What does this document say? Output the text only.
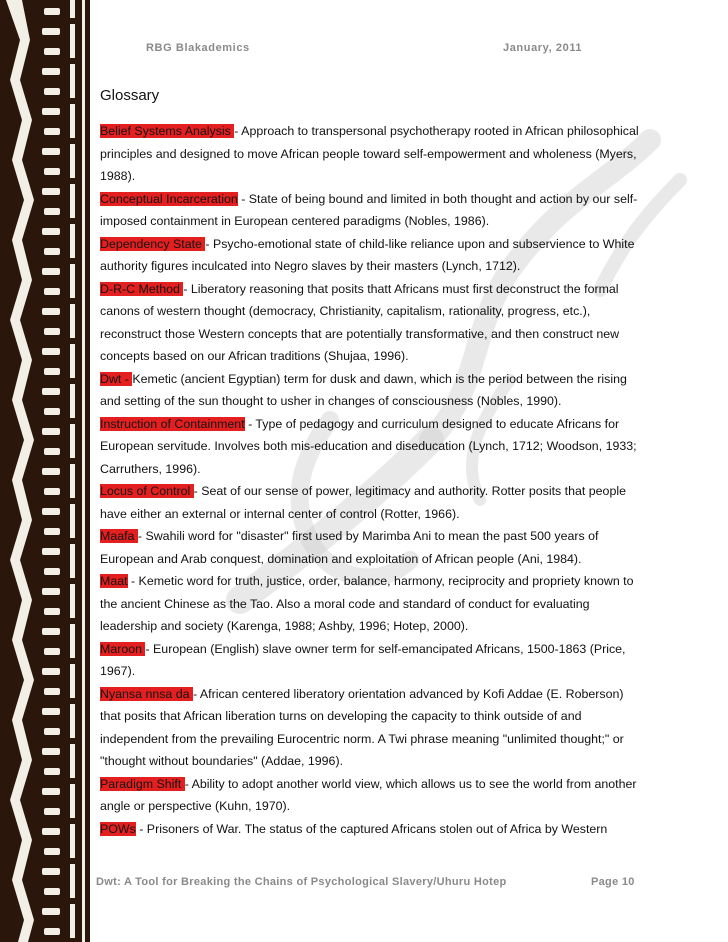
RBG Blakademics	January, 2011
Glossary

Belief Systems Analysis - Approach to transpersonal psychotherapy rooted in African philosophical principles and designed to move African people toward self-empowerment and wholeness (Myers, 1988).

Conceptual Incarceration - State of being bound and limited in both thought and action by our self-imposed containment in European centered paradigms (Nobles, 1986).

Dependency State - Psycho-emotional state of child-like reliance upon and subservience to White authority figures inculcated into Negro slaves by their masters (Lynch, 1712).

D-R-C Method - Liberatory reasoning that posits thatt Africans must first deconstruct the formal canons of western thought (democracy, Christianity, capitalism, rationality, progress, etc.), reconstruct those Western concepts that are potentially transformative, and then construct new concepts based on our African traditions (Shujaa, 1996).

Dwt - Kemetic (ancient Egyptian) term for dusk and dawn, which is the period between the rising and setting of the sun thought to usher in changes of consciousness (Nobles, 1990).

Instruction of Containment - Type of pedagogy and curriculum designed to educate Africans for European servitude. Involves both mis-education and diseducation (Lynch, 1712; Woodson, 1933; Carruthers, 1996).

Locus of Control - Seat of our sense of power, legitimacy and authority. Rotter posits that people have either an external or internal center of control (Rotter, 1966).

Maafa - Swahili word for "disaster" first used by Marimba Ani to mean the past 500 years of European and Arab conquest, domination and exploitation of African people (Ani, 1984).

Maat - Kemetic word for truth, justice, order, balance, harmony, reciprocity and propriety known to the ancient Chinese as the Tao. Also a moral code and standard of conduct for evaluating leadership and society (Karenga, 1988; Ashby, 1996; Hotep, 2000).

Maroon - European (English) slave owner term for self-emancipated Africans, 1500-1863 (Price, 1967).

Nyansa nnsa da - African centered liberatory orientation advanced by Kofi Addae (E. Roberson) that posits that African liberation turns on developing the capacity to think outside of and independent from the prevailing Eurocentric norm. A Twi phrase meaning "unlimited thought;" or "thought without boundaries" (Addae, 1996).

Paradigm Shift - Ability to adopt another world view, which allows us to see the world from another angle or perspective (Kuhn, 1970).

POWs - Prisoners of War. The status of the captured Africans stolen out of Africa by Western

Dwt: A Tool for Breaking the Chains of Psychological Slavery/Uhuru Hotep	Page 10
